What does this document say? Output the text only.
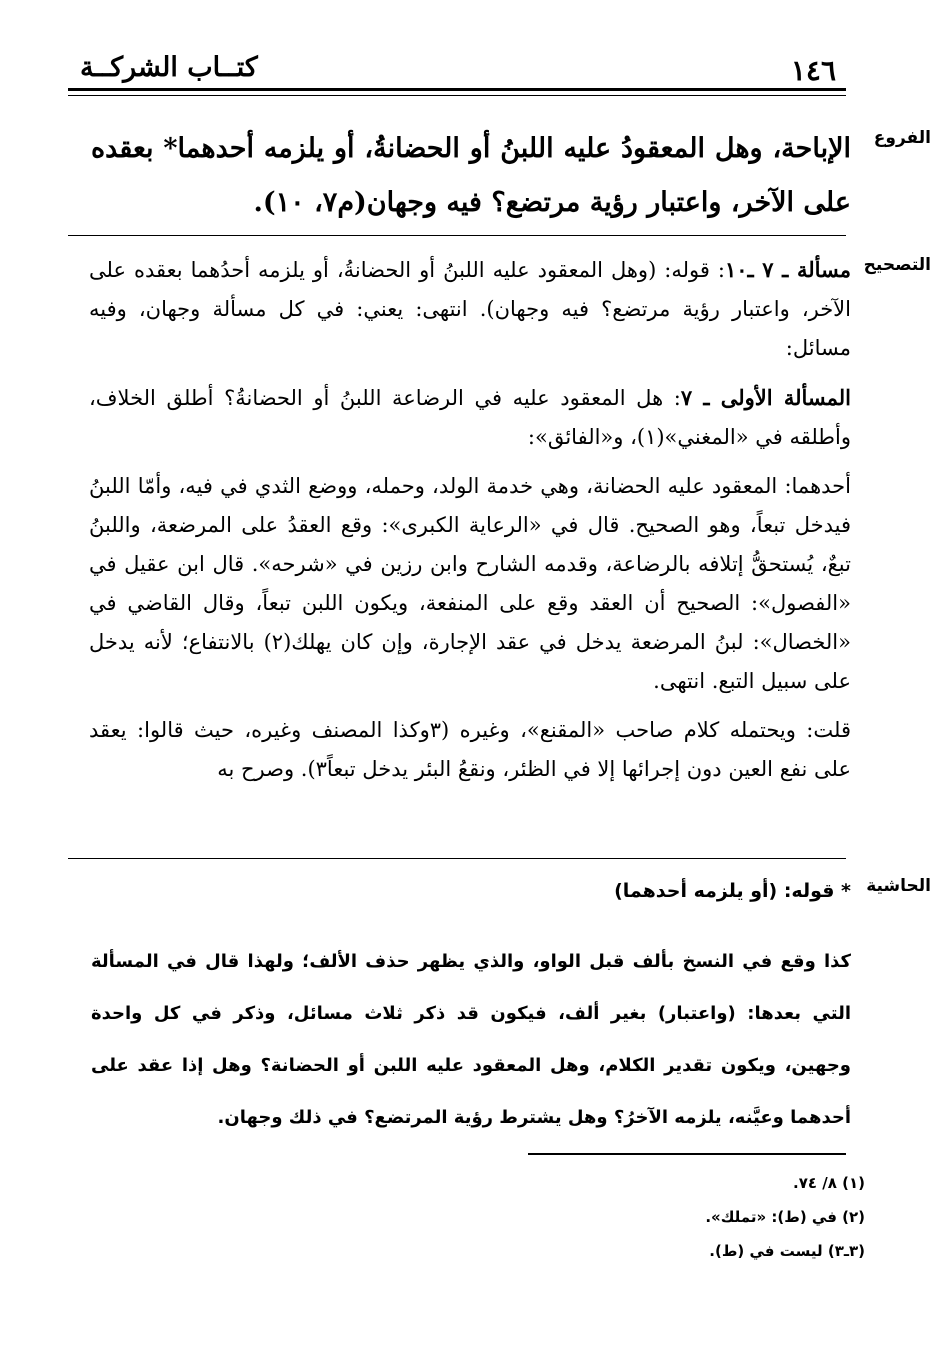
١٤٦
كتــاب الشركــة
الفروع
الإباحة، وهل المعقودُ عليه اللبنُ أو الحضانةُ، أو يلزمه أحدهما* بعقده على الآخر، واعتبار رؤية مرتضع؟ فيه وجهان(م٧، ١٠).
التصحيح

مسألة ـ ٧ ـ١٠: قوله: (وهل المعقود عليه اللبنُ أو الحضانةُ، أو يلزمه أحدُهما بعقده على الآخر، واعتبار رؤية مرتضع؟ فيه وجهان). انتهى: يعني: في كل مسألة وجهان، وفيه مسائل:

المسألة الأولى ـ ٧: هل المعقود عليه في الرضاعة اللبنُ أو الحضانةُ؟ أطلق الخلاف، وأطلقه في «المغني»(١)، و«الفائق»:

أحدهما: المعقود عليه الحضانة، وهي خدمة الولد، وحمله، ووضع الثدي في فيه، وأمّا اللبنُ فيدخل تبعاً، وهو الصحيح. قال في «الرعاية الكبرى»: وقع العقدُ على المرضعة، واللبنُ تبعٌ، يُستحقُّ إتلافه بالرضاعة، وقدمه الشارح وابن رزين في «شرحه». قال ابن عقيل في «الفصول»: الصحيح أن العقد وقع على المنفعة، ويكون اللبن تبعاً، وقال القاضي في «الخصال»: لبنُ المرضعة يدخل في عقد الإجارة، وإن كان يهلك(٢) بالانتفاع؛ لأنه يدخل على سبيل التبع. انتهى.

قلت: ويحتمله كلام صاحب «المقنع»، وغيره (٣وكذا المصنف وغيره، حيث قالوا: يعقد على نفع العين دون إجرائها إلا في الظئر، ونقعُ البئر يدخل تبعاً٣). وصرح به

الحاشية
* قوله: (أو يلزمه أحدهما)
كذا وقع في النسخ بألف قبل الواو، والذي يظهر حذف الألف؛ ولهذا قال في المسألة التي بعدها: (واعتبار) بغير ألف، فيكون قد ذكر ثلاث مسائل، وذكر في كل واحدة وجهين، ويكون تقدير الكلام، وهل المعقود عليه اللبن أو الحضانة؟ وهل إذا عقد على أحدهما وعيَّنه، يلزمه الآخرُ؟ وهل يشترط رؤية المرتضع؟ في ذلك وجهان.
(١) ٨/ ٧٤.
(٢) في (ط): «تملك».
(٣ـ٣) ليست في (ط).
